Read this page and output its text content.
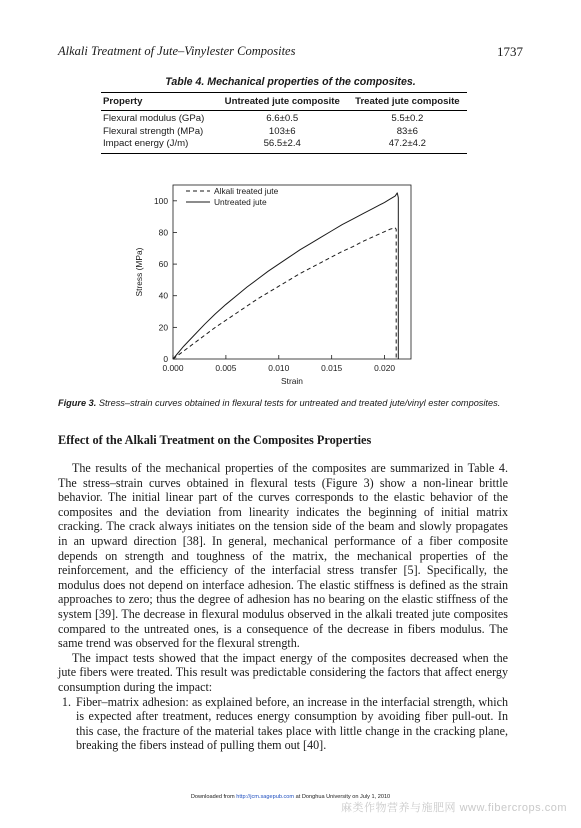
Alkali Treatment of Jute–Vinylester Composites	1737
Table 4. Mechanical properties of the composites.
Property	Untreated jute composite	Treated jute composite
Flexural modulus (GPa)	6.6±0.5	5.5±0.2
Flexural strength (MPa)	103±6	83±6
Impact energy (J/m)	56.5±2.4	47.2±4.2
0.000	0.005	0.010	0.015	0.020
0
20
40
60
80
100
Alkali treated jute
Untreated jute
Strain
Stress (MPa)
Figure 3. Stress–strain curves obtained in flexural tests for untreated and treated jute/vinyl ester composites.
Effect of the Alkali Treatment on the Composites Properties

The results of the mechanical properties of the composites are summarized in Table 4. The stress–strain curves obtained in flexural tests (Figure 3) show a non-linear brittle behavior. The initial linear part of the curves corresponds to the elastic behavior of the composites and the deviation from linearity indicates the beginning of initial matrix cracking. The crack always initiates on the tension side of the beam and slowly propagates in an upward direction [38]. In general, mechanical performance of a fiber composite depends on strength and toughness of the matrix, the mechanical properties of the reinforcement, and the efficiency of the interfacial stress transfer [5]. Specifically, the modulus does not depend on interface adhesion. The elastic stiffness is defined as the strain approaches to zero; thus the degree of adhesion has no bearing on the elastic stiffness of the system [39]. The decrease in flexural modulus observed in the alkali treated jute composites compared to the untreated ones, is a consequence of the decrease in fibers modulus. The same trend was observed for the flexural strength.

The impact tests showed that the impact energy of the composites decreased when the jute fibers were treated. This result was predictable considering the factors that affect energy consumption during the impact:

1. Fiber–matrix adhesion: as explained before, an increase in the interfacial strength, which is expected after treatment, reduces energy consumption by avoiding fiber pull-out. In this case, the fracture of the material takes place with little change in the cracking plane, breaking the fibers instead of pulling them out [40].
Downloaded from http://jcm.sagepub.com at Donghua University on July 1, 2010
麻类作物营养与施肥网 www.fibercrops.com
